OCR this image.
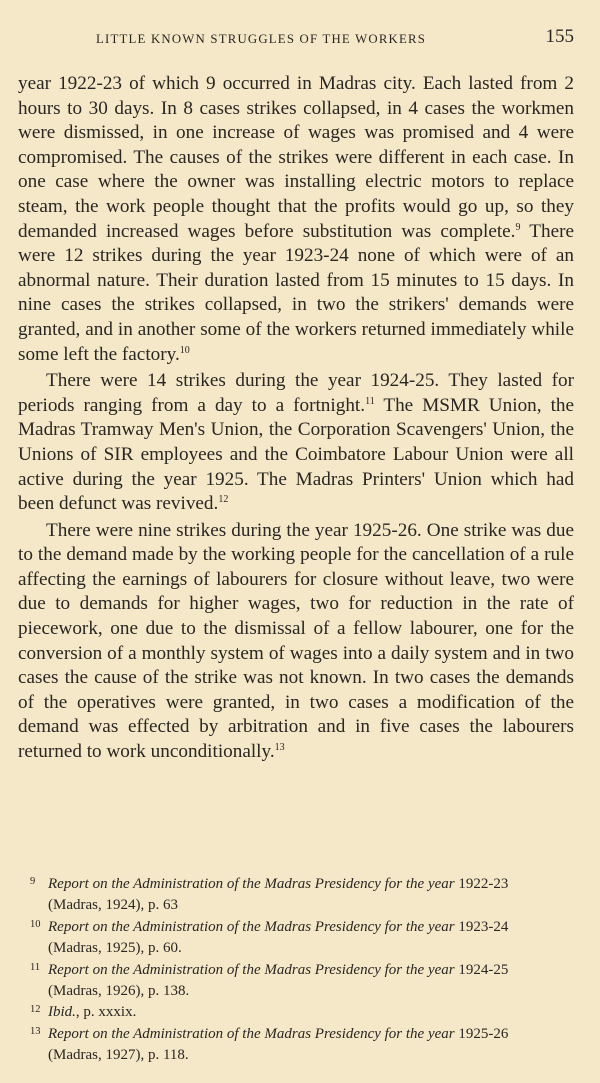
LITTLE KNOWN STRUGGLES OF THE WORKERS	155

year 1922-23 of which 9 occurred in Madras city. Each lasted from 2 hours to 30 days. In 8 cases strikes collapsed, in 4 cases the workmen were dismissed, in one increase of wages was promised and 4 were compromised. The causes of the strikes were different in each case. In one case where the owner was installing electric motors to replace steam, the work people thought that the profits would go up, so they demanded increased wages before substitution was complete.$^9$ There were 12 strikes during the year 1923-24 none of which were of an abnormal nature. Their duration lasted from 15 minutes to 15 days. In nine cases the strikes collapsed, in two the strikers' demands were granted, and in another some of the workers returned immediately while some left the factory.$^{10}$

There were 14 strikes during the year 1924-25. They lasted for periods ranging from a day to a fortnight.$^{11}$ The MSMR Union, the Madras Tramway Men's Union, the Corporation Scavengers' Union, the Unions of SIR employees and the Coimbatore Labour Union were all active during the year 1925. The Madras Printers' Union which had been defunct was revived.$^{12}$

There were nine strikes during the year 1925-26. One strike was due to the demand made by the working people for the cancellation of a rule affecting the earnings of labourers for closure without leave, two were due to demands for higher wages, two for reduction in the rate of piecework, one due to the dismissal of a fellow labourer, one for the conversion of a monthly system of wages into a daily system and in two cases the cause of the strike was not known. In two cases the demands of the operatives were granted, in two cases a modification of the demand was effected by arbitration and in five cases the labourers returned to work unconditionally.$^{13}$

9 Report on the Administration of the Madras Presidency for the year 1922-23
(Madras, 1924), p. 63
10 Report on the Administration of the Madras Presidency for the year 1923-24
(Madras, 1925), p. 60.
11 Report on the Administration of the Madras Presidency for the year 1924-25
(Madras, 1926), p. 138.
12 Ibid., p. xxxix.
13 Report on the Administration of the Madras Presidency for the year 1925-26
(Madras, 1927), p. 118.
